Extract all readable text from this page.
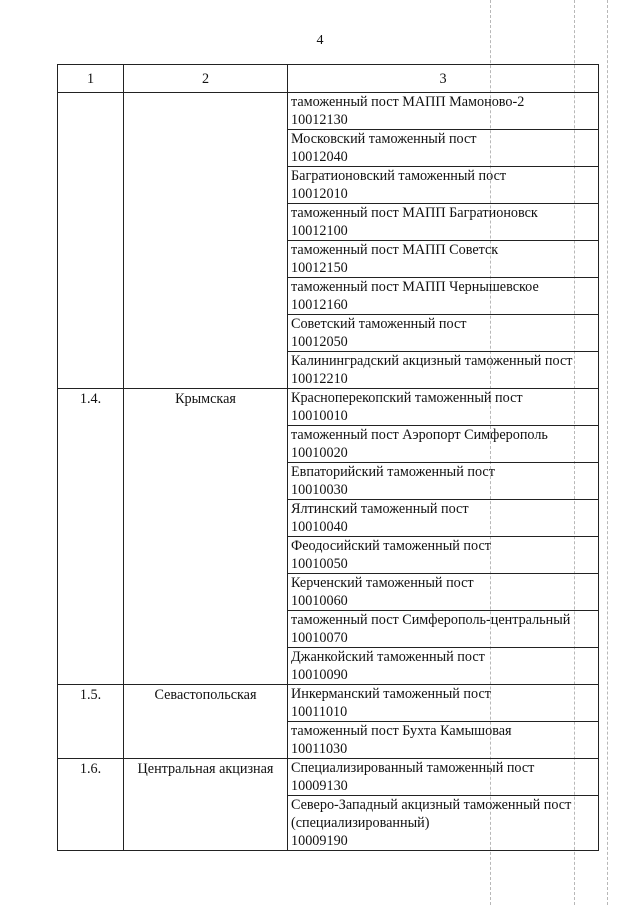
4
1	2	3

		таможенный пост МАПП Мамоново-2
10012130

		Московский таможенный пост
10012040

		Багратионовский таможенный пост
10012010

		таможенный пост МАПП Багратионовск
10012100

		таможенный пост МАПП Советск
10012150

		таможенный пост МАПП Чернышевское
10012160

		Советский таможенный пост
10012050

		Калининградский акцизный таможенный пост
10012210

1.4.	Крымская	Красноперекопский таможенный пост
10010010

		таможенный пост Аэропорт Симферополь
10010020

		Евпаторийский таможенный пост
10010030

		Ялтинский таможенный пост
10010040

		Феодосийский таможенный пост
10010050

		Керченский таможенный пост
10010060

		таможенный пост Симферополь-центральный
10010070

		Джанкойский таможенный пост
10010090

1.5.	Севастопольская	Инкерманский таможенный пост
10011010

		таможенный пост Бухта Камышовая
10011030

1.6.	Центральная акцизная	Специализированный таможенный пост
10009130

		Северо-Западный акцизный таможенный пост (специализированный)
10009190
